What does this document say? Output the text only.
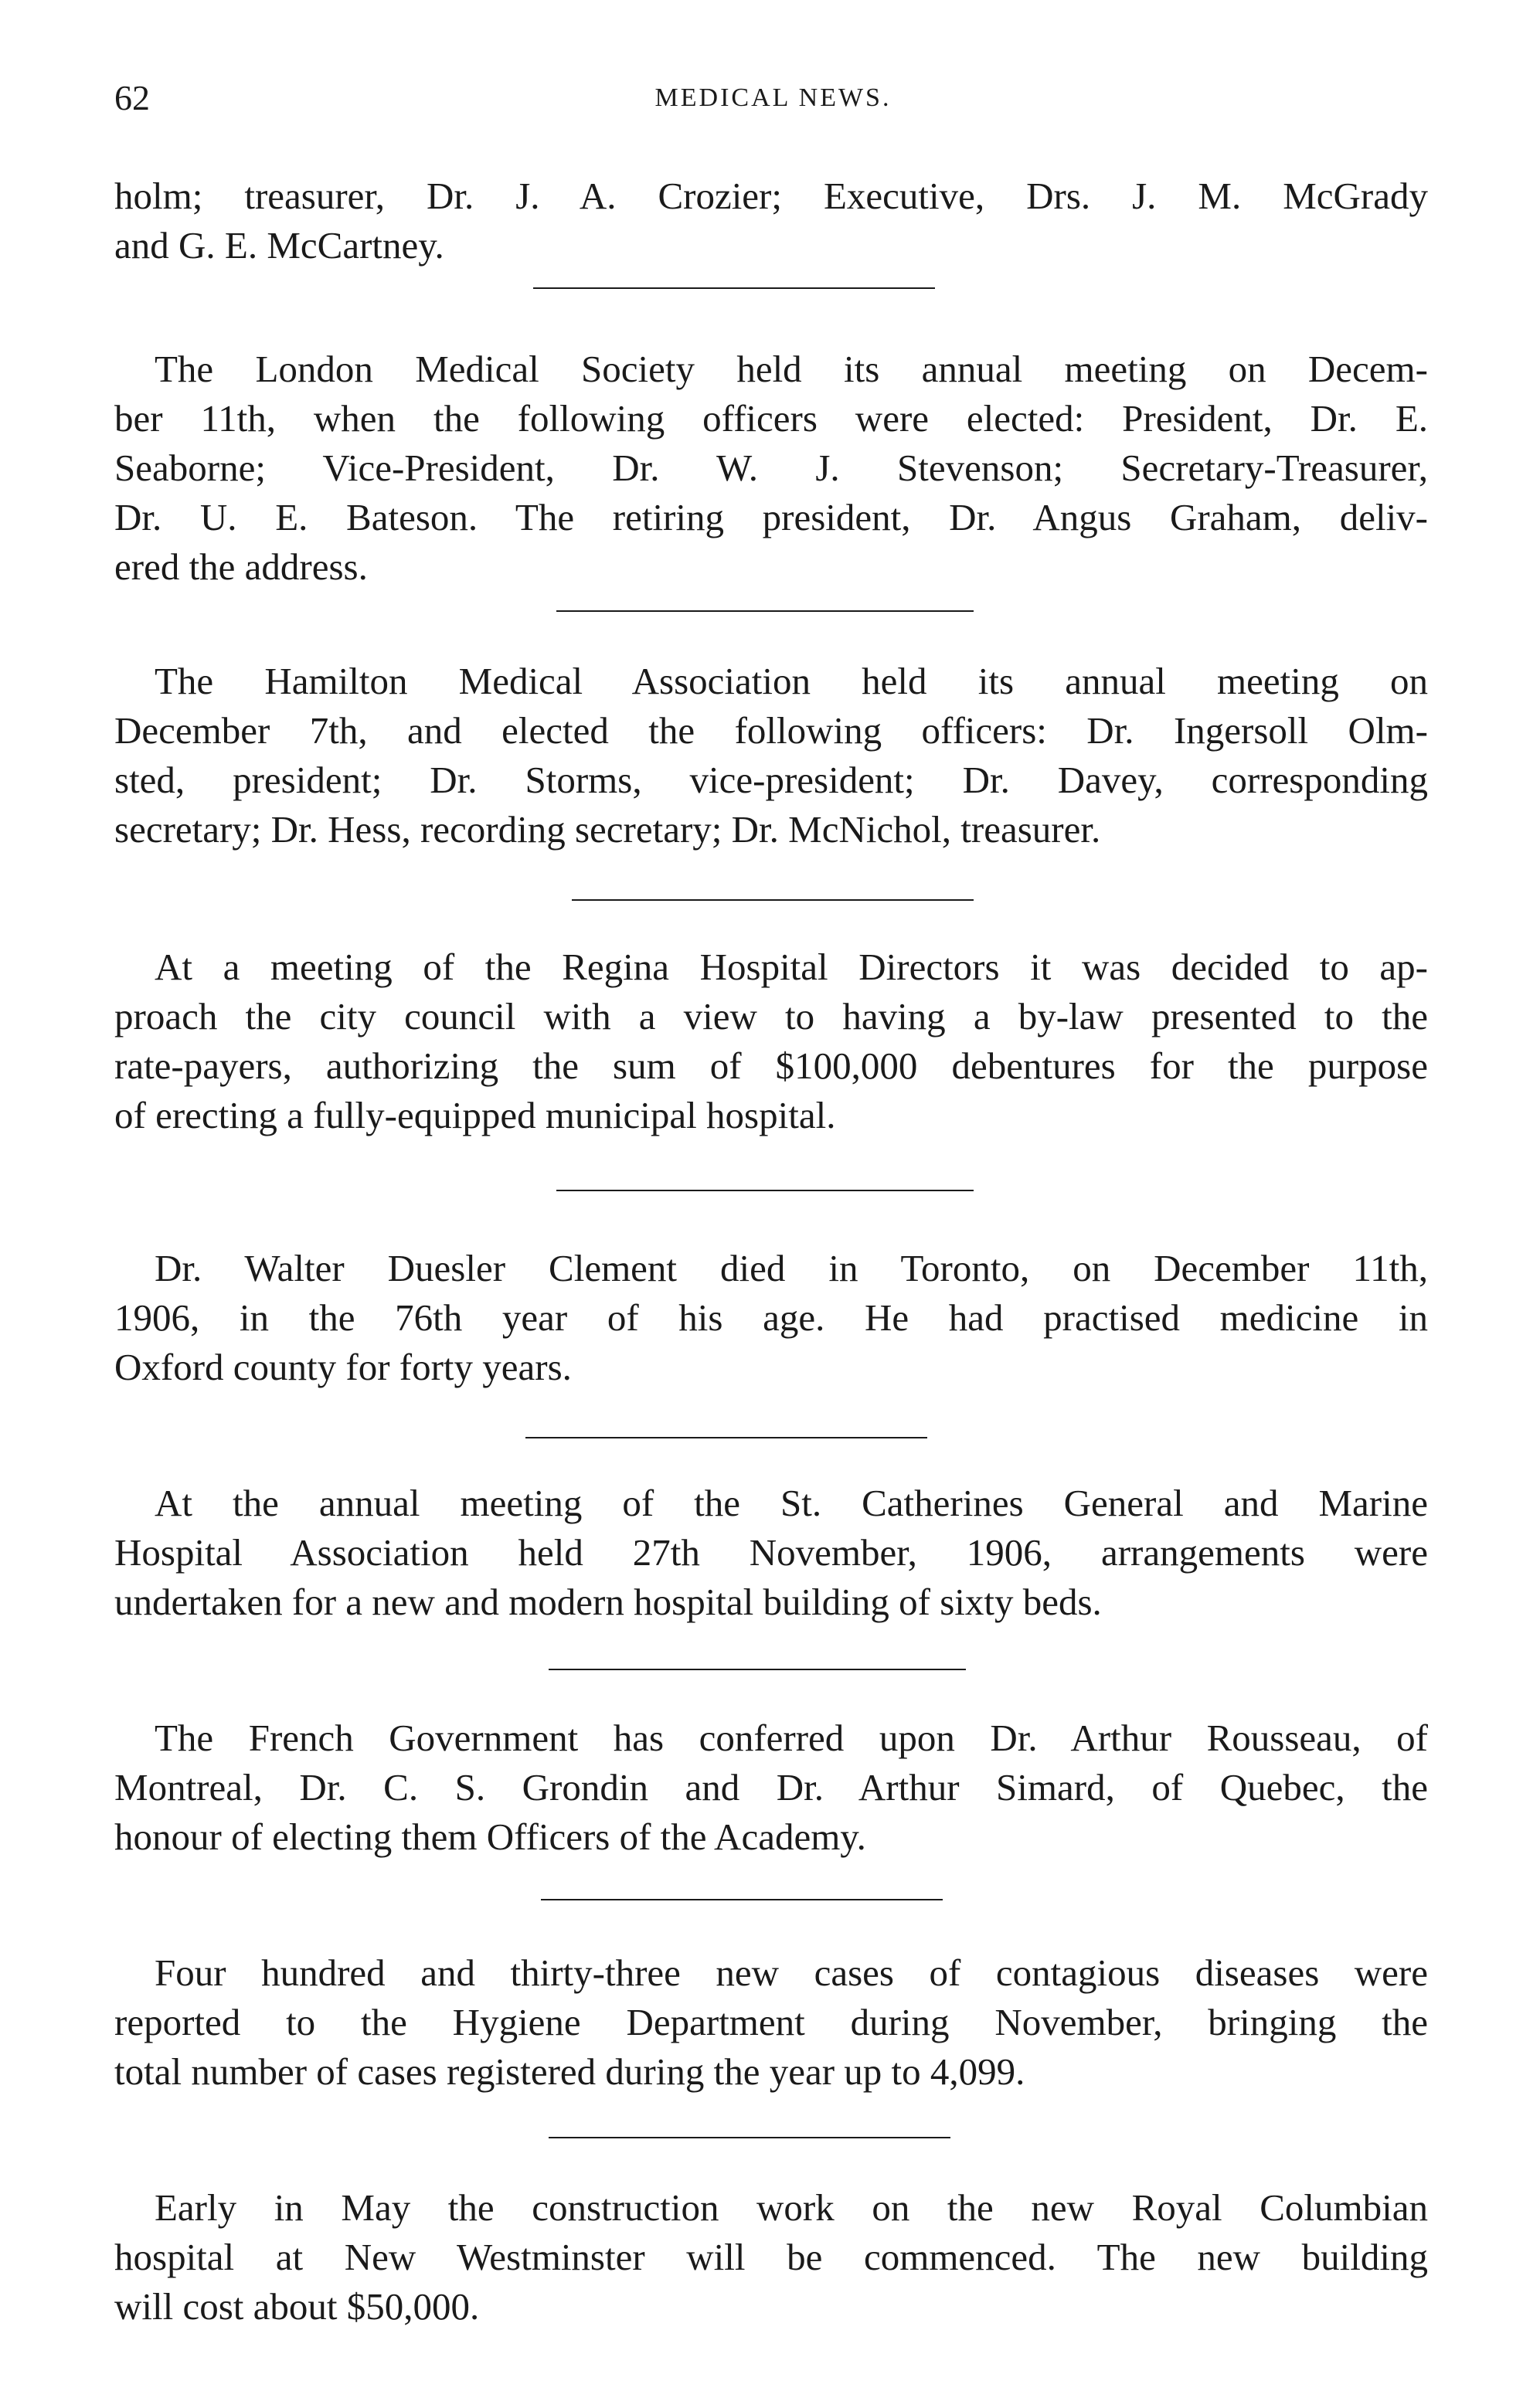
62	MEDICAL NEWS.
holm; treasurer, Dr. J. A. Crozier; Executive, Drs. J. M. McGrady
and G. E. McCartney.
The London Medical Society held its annual meeting on Decem-
ber 11th, when the following officers were elected: President, Dr. E.
Seaborne; Vice-President, Dr. W. J. Stevenson; Secretary-Treasurer,
Dr. U. E. Bateson. The retiring president, Dr. Angus Graham, deliv-
ered the address.
The Hamilton Medical Association held its annual meeting on
December 7th, and elected the following officers: Dr. Ingersoll Olm-
sted, president; Dr. Storms, vice-president; Dr. Davey, corresponding
secretary; Dr. Hess, recording secretary; Dr. McNichol, treasurer.
At a meeting of the Regina Hospital Directors it was decided to ap-
proach the city council with a view to having a by-law presented to the
rate-payers, authorizing the sum of $100,000 debentures for the purpose
of erecting a fully-equipped municipal hospital.
Dr. Walter Duesler Clement died in Toronto, on December 11th,
1906, in the 76th year of his age. He had practised medicine in
Oxford county for forty years.
At the annual meeting of the St. Catherines General and Marine
Hospital Association held 27th November, 1906, arrangements were
undertaken for a new and modern hospital building of sixty beds.
The French Government has conferred upon Dr. Arthur Rousseau, of
Montreal, Dr. C. S. Grondin and Dr. Arthur Simard, of Quebec, the
honour of electing them Officers of the Academy.
Four hundred and thirty-three new cases of contagious diseases were
reported to the Hygiene Department during November, bringing the
total number of cases registered during the year up to 4,099.
Early in May the construction work on the new Royal Columbian
hospital at New Westminster will be commenced. The new building
will cost about $50,000.
